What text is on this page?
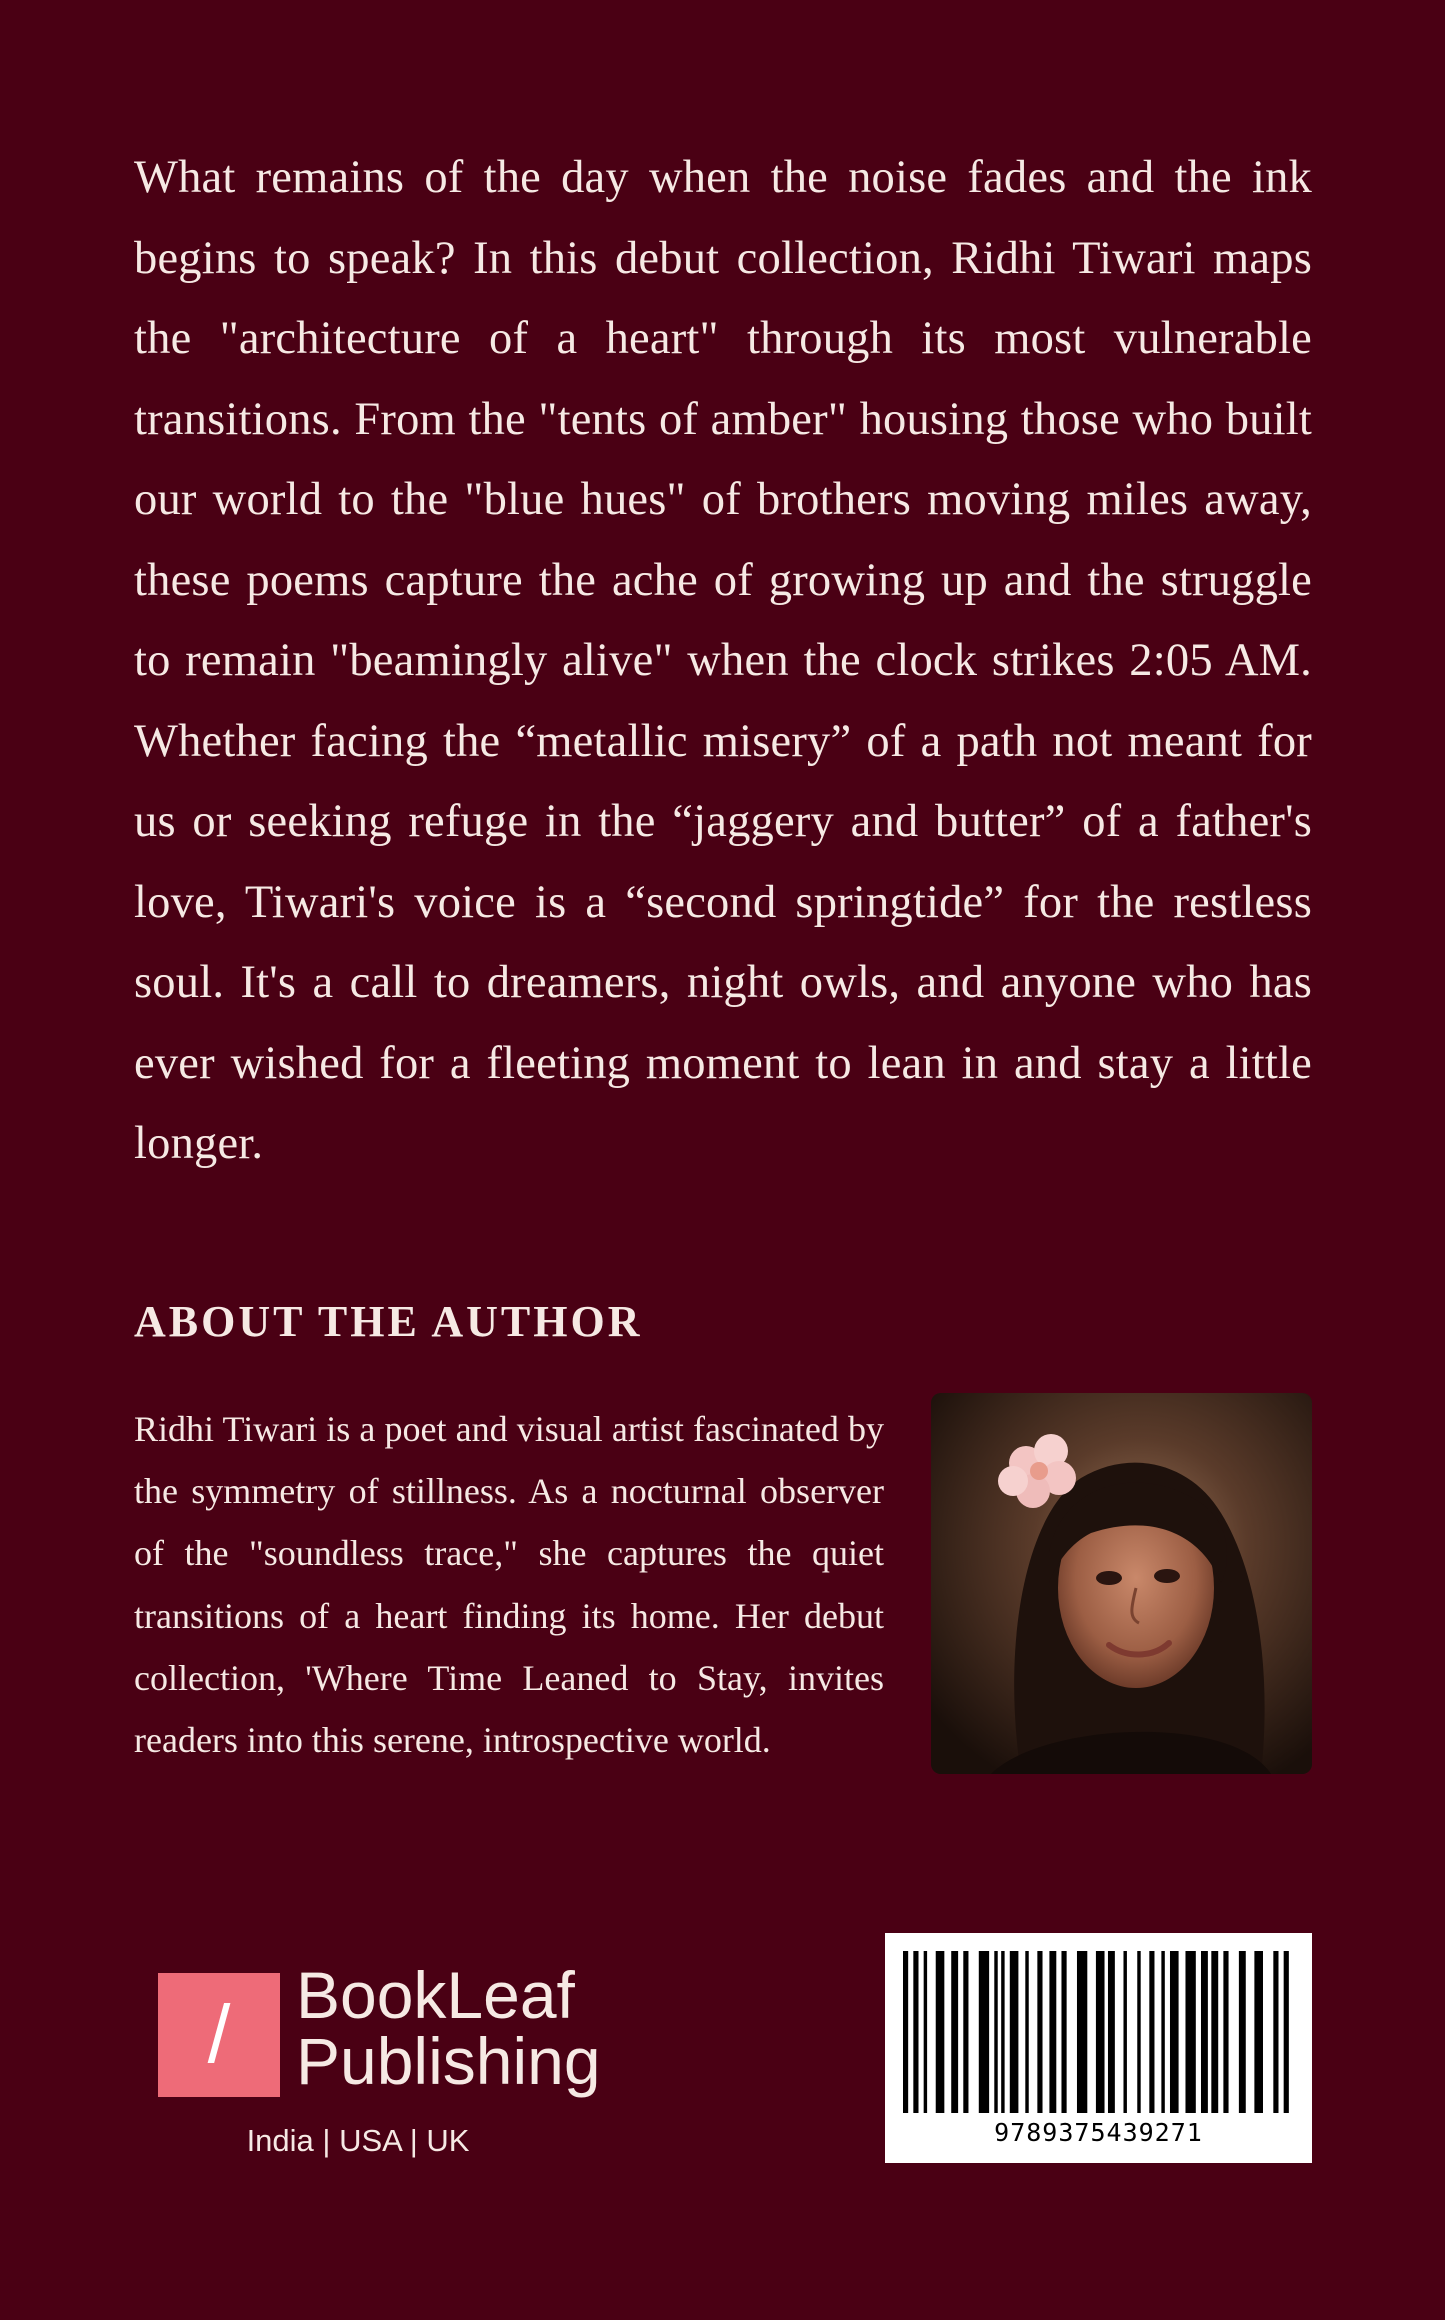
What remains of the day when the noise fades and the ink begins to speak? In this debut collection, Ridhi Tiwari maps the "architecture of a heart" through its most vulnerable transitions. From the "tents of amber" housing those who built our world to the "blue hues" of brothers moving miles away, these poems capture the ache of growing up and the struggle to remain "beamingly alive" when the clock strikes 2:05 AM. Whether facing the “metallic misery” of a path not meant for us or seeking refuge in the “jaggery and butter” of a father's love, Tiwari's voice is a “second springtide” for the restless soul. It's a call to dreamers, night owls, and anyone who has ever wished for a fleeting moment to lean in and stay a little longer.

ABOUT THE AUTHOR

Ridhi Tiwari is a poet and visual artist fascinated by the symmetry of stillness. As a nocturnal observer of the "soundless trace," she captures the quiet transitions of a heart finding its home. Her debut collection, 'Where Time Leaned to Stay, invites readers into this serene, introspective world.

/ BookLeaf
Publishing
India | USA | UK	9789375439271
